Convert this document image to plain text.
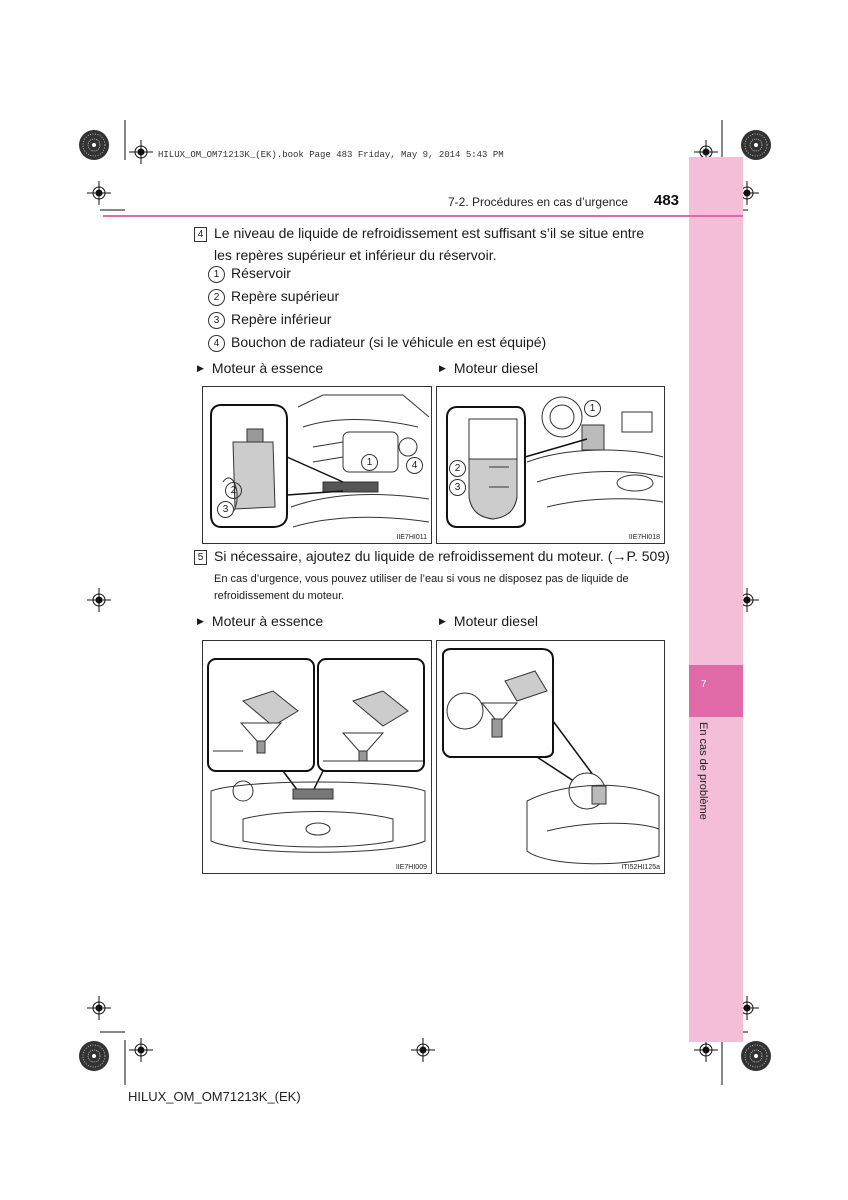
HILUX_OM_OM71213K_(EK).book Page 483 Friday, May 9, 2014 5:43 PM
7
En cas de problème
7-2. Procédures en cas d’urgence 483
4 Le niveau de liquide de refroidissement est suffisant s’il se situe entre les repères supérieur et inférieur du réservoir.
1 Réservoir
2 Repère supérieur
3 Repère inférieur
4 Bouchon de radiateur (si le véhicule en est équipé)
▶ Moteur à essence	▶ Moteur diesel
1
2
3
4
IIE7HI011
1
2
3
IIE7HI018
5 Si nécessaire, ajoutez du liquide de refroidissement du moteur. (→P. 509)
En cas d’urgence, vous pouvez utiliser de l’eau si vous ne disposez pas de liquide de refroidissement du moteur.
▶ Moteur à essence	▶ Moteur diesel
IIE7HI009	ITI52HI125a
HILUX_OM_OM71213K_(EK)
